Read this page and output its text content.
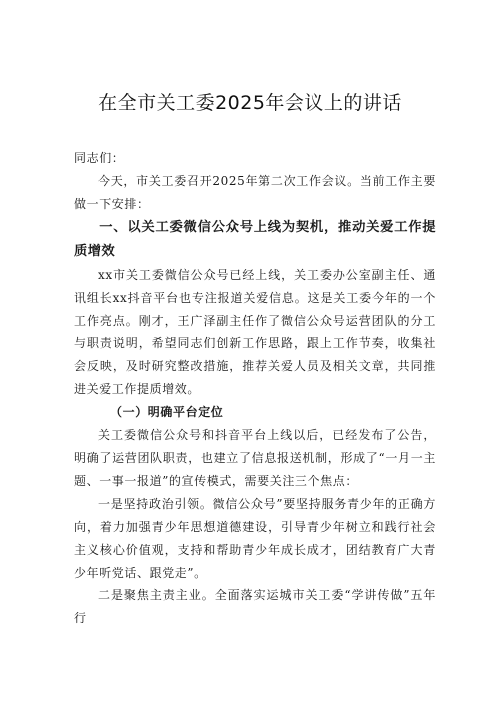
在全市关工委2025年会议上的讲话

同志们：

今天，市关工委召开2025年第二次工作会议。当前工作主要做一下安排：

一、以关工委微信公众号上线为契机，推动关爱工作提质增效

xx市关工委微信公众号已经上线，关工委办公室副主任、通讯组长xx抖音平台也专注报道关爱信息。这是关工委今年的一个工作亮点。刚才，王广泽副主任作了微信公众号运营团队的分工与职责说明，希望同志们创新工作思路，跟上工作节奏，收集社会反映，及时研究整改措施，推荐关爱人员及相关文章，共同推进关爱工作提质增效。

（一）明确平台定位

关工委微信公众号和抖音平台上线以后，已经发布了公告，明确了运营团队职责，也建立了信息报送机制，形成了“一月一主题、一事一报道”的宣传模式，需要关注三个焦点：

一是坚持政治引领。微信公众号”要坚持服务青少年的正确方向，着力加强青少年思想道德建设，引导青少年树立和践行社会主义核心价值观，支持和帮助青少年成长成才，团结教育广大青少年听党话、跟党走”。

二是聚焦主责主业。全面落实运城市关工委“学讲传做”五年行
